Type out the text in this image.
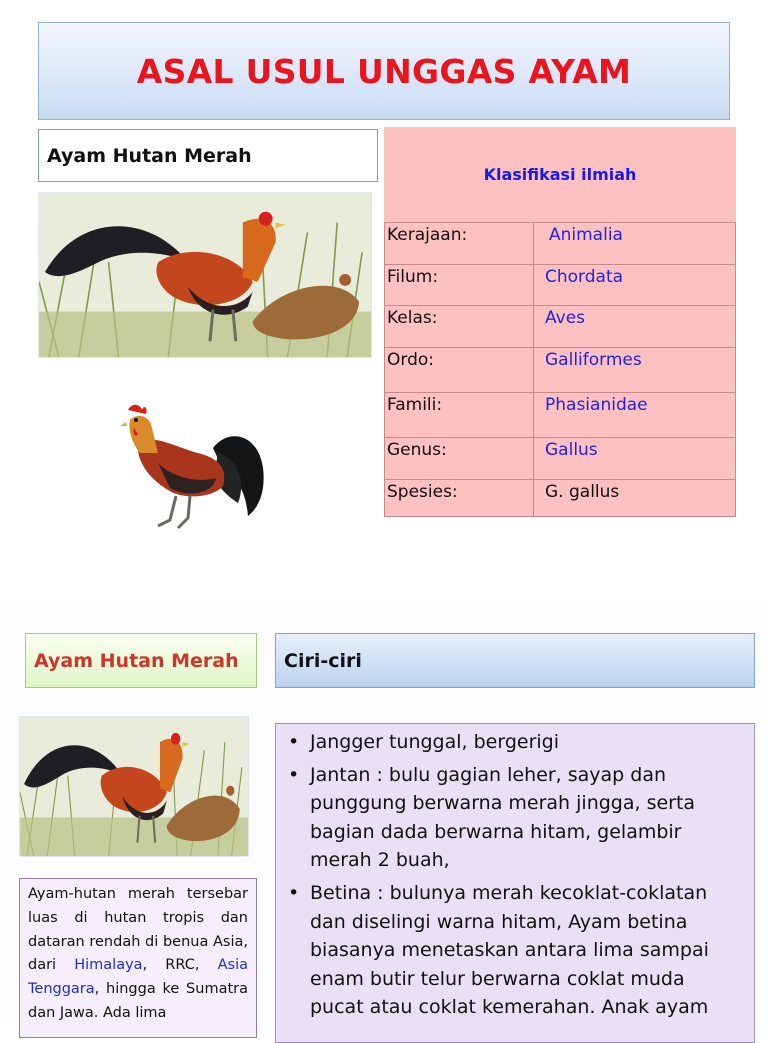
ASAL USUL UNGGAS AYAM
Ayam Hutan Merah
Klasifikasi ilmiah
Kerajaan:	Animalia
Filum:	Chordata
Kelas:	Aves
Ordo:	Galliformes
Famili:	Phasianidae
Genus:	Gallus
Spesies:	G. gallus
Ayam Hutan Merah Ciri-ciri
• Jangger tunggal, bergerigi
• Jantan : bulu gagian leher, sayap dan punggung berwarna merah jingga, serta bagian dada berwarna hitam, gelambir merah 2 buah,
• Betina : bulunya merah kecoklat-coklatan dan diselingi warna hitam, Ayam betina biasanya menetaskan antara lima sampai enam butir telur berwarna coklat muda pucat atau coklat kemerahan. Anak ayam
Ayam-hutan merah tersebar luas di hutan tropis dan dataran rendah di benua Asia, dari Himalaya, RRC, Asia Tenggara, hingga ke Sumatra dan Jawa. Ada lima
